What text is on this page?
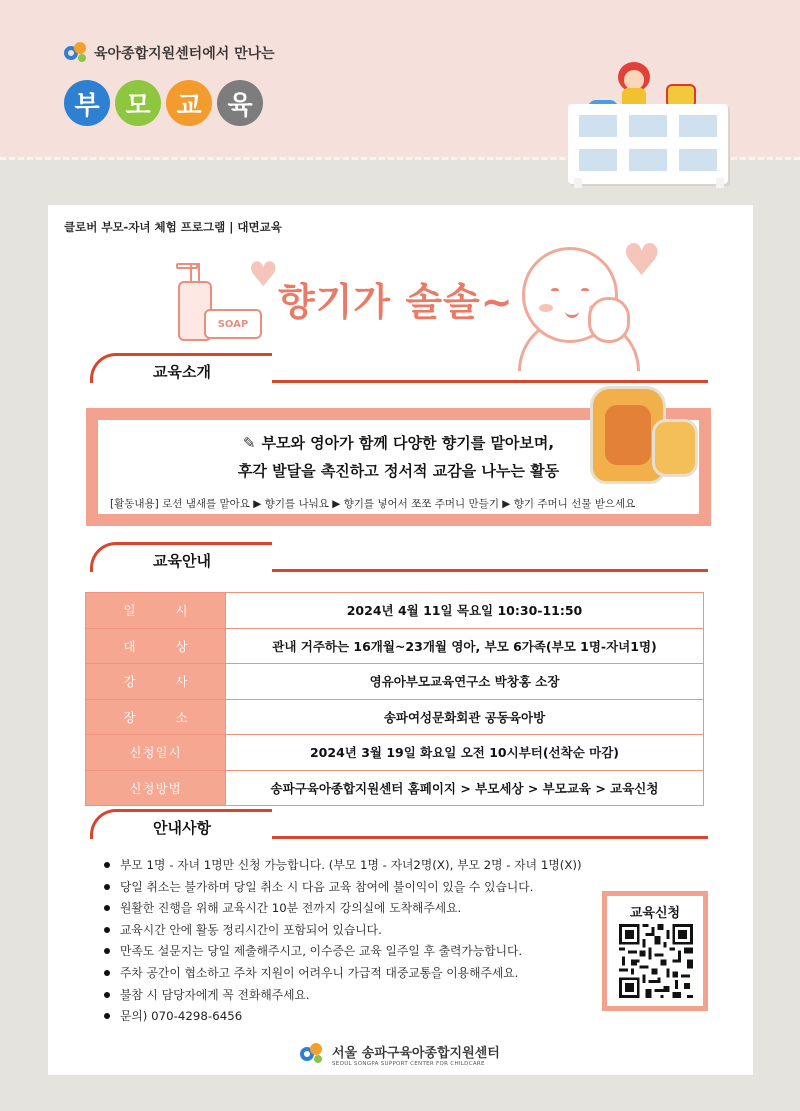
육아종합지원센터에서 만나는
부 모 교 육
클로버 부모-자녀 체험 프로그램 | 대면교육
SOAP
♥	♥
향기가 솔솔~
교육소개
✎ 부모와 영아가 함께 다양한 향기를 맡아보며,
후각 발달을 촉진하고 정서적 교감을 나누는 활동
[활동내용] 로션 냄새를 맡아요 ▶ 향기를 나눠요 ▶ 향기를 넣어서 쪼쪼 주머니 만들기 ▶ 향기 주머니 선물 받으세요
교육안내
일 시	2024년 4월 11일 목요일 10:30-11:50
대 상	관내 거주하는 16개월~23개월 영아, 부모 6가족(부모 1명-자녀1명)
강 사	영유아부모교육연구소 박창홍 소장
장 소	송파여성문화회관 공동육아방
신청일시	2024년 3월 19일 화요일 오전 10시부터(선착순 마감)
신청방법	송파구육아종합지원센터 홈페이지 > 부모세상 > 부모교육 > 교육신청
안내사항
부모 1명 - 자녀 1명만 신청 가능합니다. (부모 1명 - 자녀2명(X), 부모 2명 - 자녀 1명(X))
당일 취소는 불가하며 당일 취소 시 다음 교육 참여에 불이익이 있을 수 있습니다.
원활한 진행을 위해 교육시간 10분 전까지 강의실에 도착해주세요.
교육시간 안에 활동 정리시간이 포함되어 있습니다.
만족도 설문지는 당일 제출해주시고, 이수증은 교육 일주일 후 출력가능합니다.
주차 공간이 협소하고 주차 지원이 어려우니 가급적 대중교통을 이용해주세요.
불참 시 담당자에게 꼭 전화해주세요.
문의) 070-4298-6456
교육신청
서울 송파구육아종합지원센터
SEOUL SONGPA SUPPORT CENTER FOR CHILDCARE
